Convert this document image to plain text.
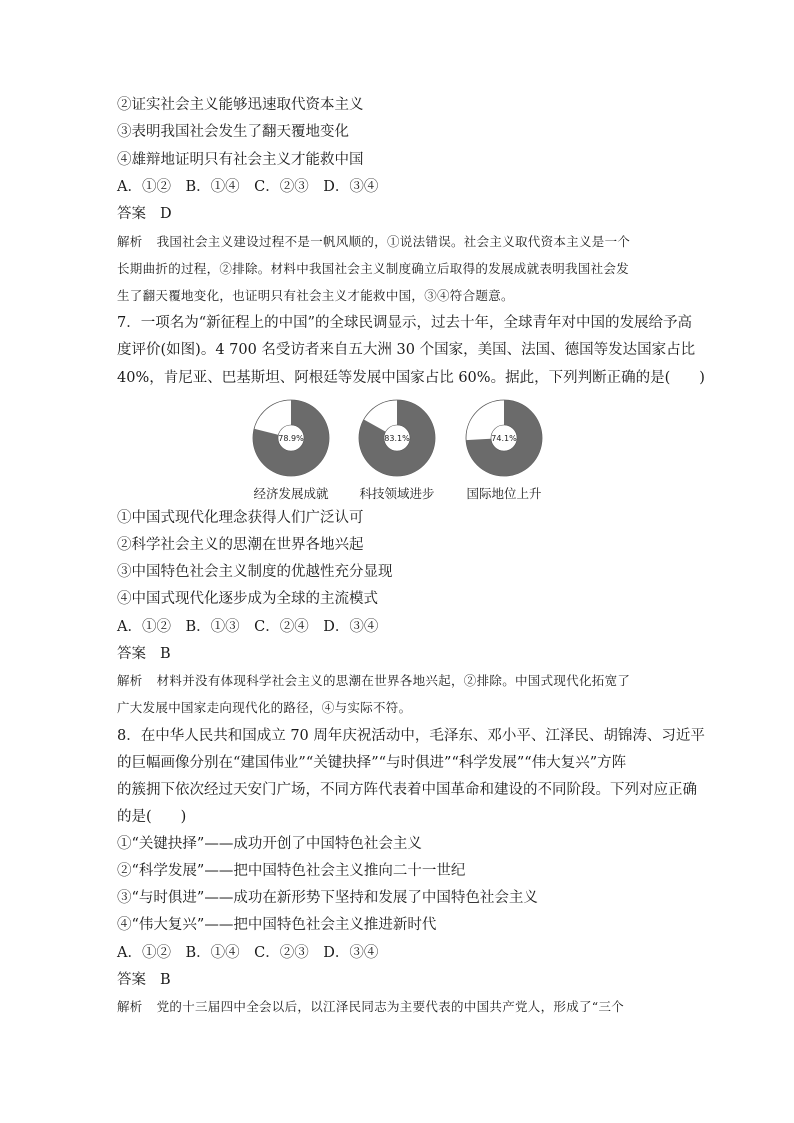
②证实社会主义能够迅速取代资本主义
③表明我国社会发生了翻天覆地变化
④雄辩地证明只有社会主义才能救中国
A．①②　B．①④　C．②③　D．③④
答案 D
解析 我国社会主义建设过程不是一帆风顺的，①说法错误。社会主义取代资本主义是一个
长期曲折的过程，②排除。材料中我国社会主义制度确立后取得的发展成就表明我国社会发
生了翻天覆地变化，也证明只有社会主义才能救中国，③④符合题意。
7．一项名为“新征程上的中国”的全球民调显示，过去十年，全球青年对中国的发展给予高
度评价(如图)。4 700 名受访者来自五大洲 30 个国家，美国、法国、德国等发达国家占比
40%，肯尼亚、巴基斯坦、阿根廷等发展中国家占比 60%。据此，下列判断正确的是(　　)
78.9%
经济发展成就
83.1%
科技领域进步
74.1%
国际地位上升
①中国式现代化理念获得人们广泛认可
②科学社会主义的思潮在世界各地兴起
③中国特色社会主义制度的优越性充分显现
④中国式现代化逐步成为全球的主流模式
A．①②　B．①③　C．②④　D．③④
答案 B
解析 材料并没有体现科学社会主义的思潮在世界各地兴起，②排除。中国式现代化拓宽了
广大发展中国家走向现代化的路径，④与实际不符。
8．在中华人民共和国成立 70 周年庆祝活动中，毛泽东、邓小平、江泽民、胡锦涛、习近平
的巨幅画像分别在“建国伟业”“关键抉择”“与时俱进”“科学发展”“伟大复兴”方阵
的簇拥下依次经过天安门广场，不同方阵代表着中国革命和建设的不同阶段。下列对应正确
的是(　　)
①“关键抉择”——成功开创了中国特色社会主义
②“科学发展”——把中国特色社会主义推向二十一世纪
③“与时俱进”——成功在新形势下坚持和发展了中国特色社会主义
④“伟大复兴”——把中国特色社会主义推进新时代
A．①②　B．①④　C．②③　D．③④
答案 B
解析 党的十三届四中全会以后，以江泽民同志为主要代表的中国共产党人，形成了“三个
